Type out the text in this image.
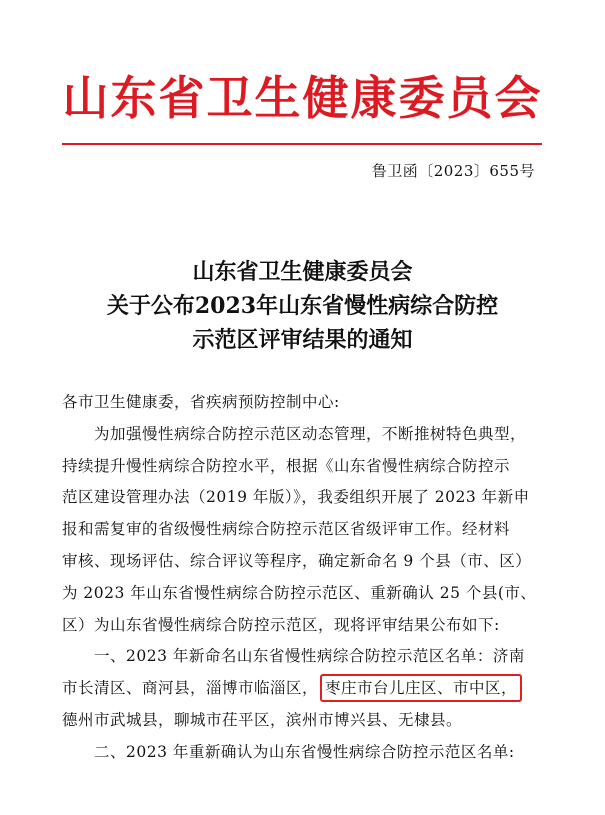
山东省卫生健康委员会
鲁卫函〔2023〕655号
山东省卫生健康委员会
关于公布2023年山东省慢性病综合防控
示范区评审结果的通知
各市卫生健康委，省疾病预防控制中心:
为加强慢性病综合防控示范区动态管理，不断推树特色典型，
持续提升慢性病综合防控水平，根据《山东省慢性病综合防控示
范区建设管理办法（2019 年版）》，我委组织开展了 2023 年新申
报和需复审的省级慢性病综合防控示范区省级评审工作。经材料
审核、现场评估、综合评议等程序，确定新命名 9 个县（市、区）
为 2023 年山东省慢性病综合防控示范区、重新确认 25 个县(市、
区）为山东省慢性病综合防控示范区，现将评审结果公布如下:
一、2023 年新命名山东省慢性病综合防控示范区名单：济南
市长清区、商河县，淄博市临淄区， 枣庄市台儿庄区、市中区，
德州市武城县，聊城市茌平区，滨州市博兴县、无棣县。
二、2023 年重新确认为山东省慢性病综合防控示范区名单:
